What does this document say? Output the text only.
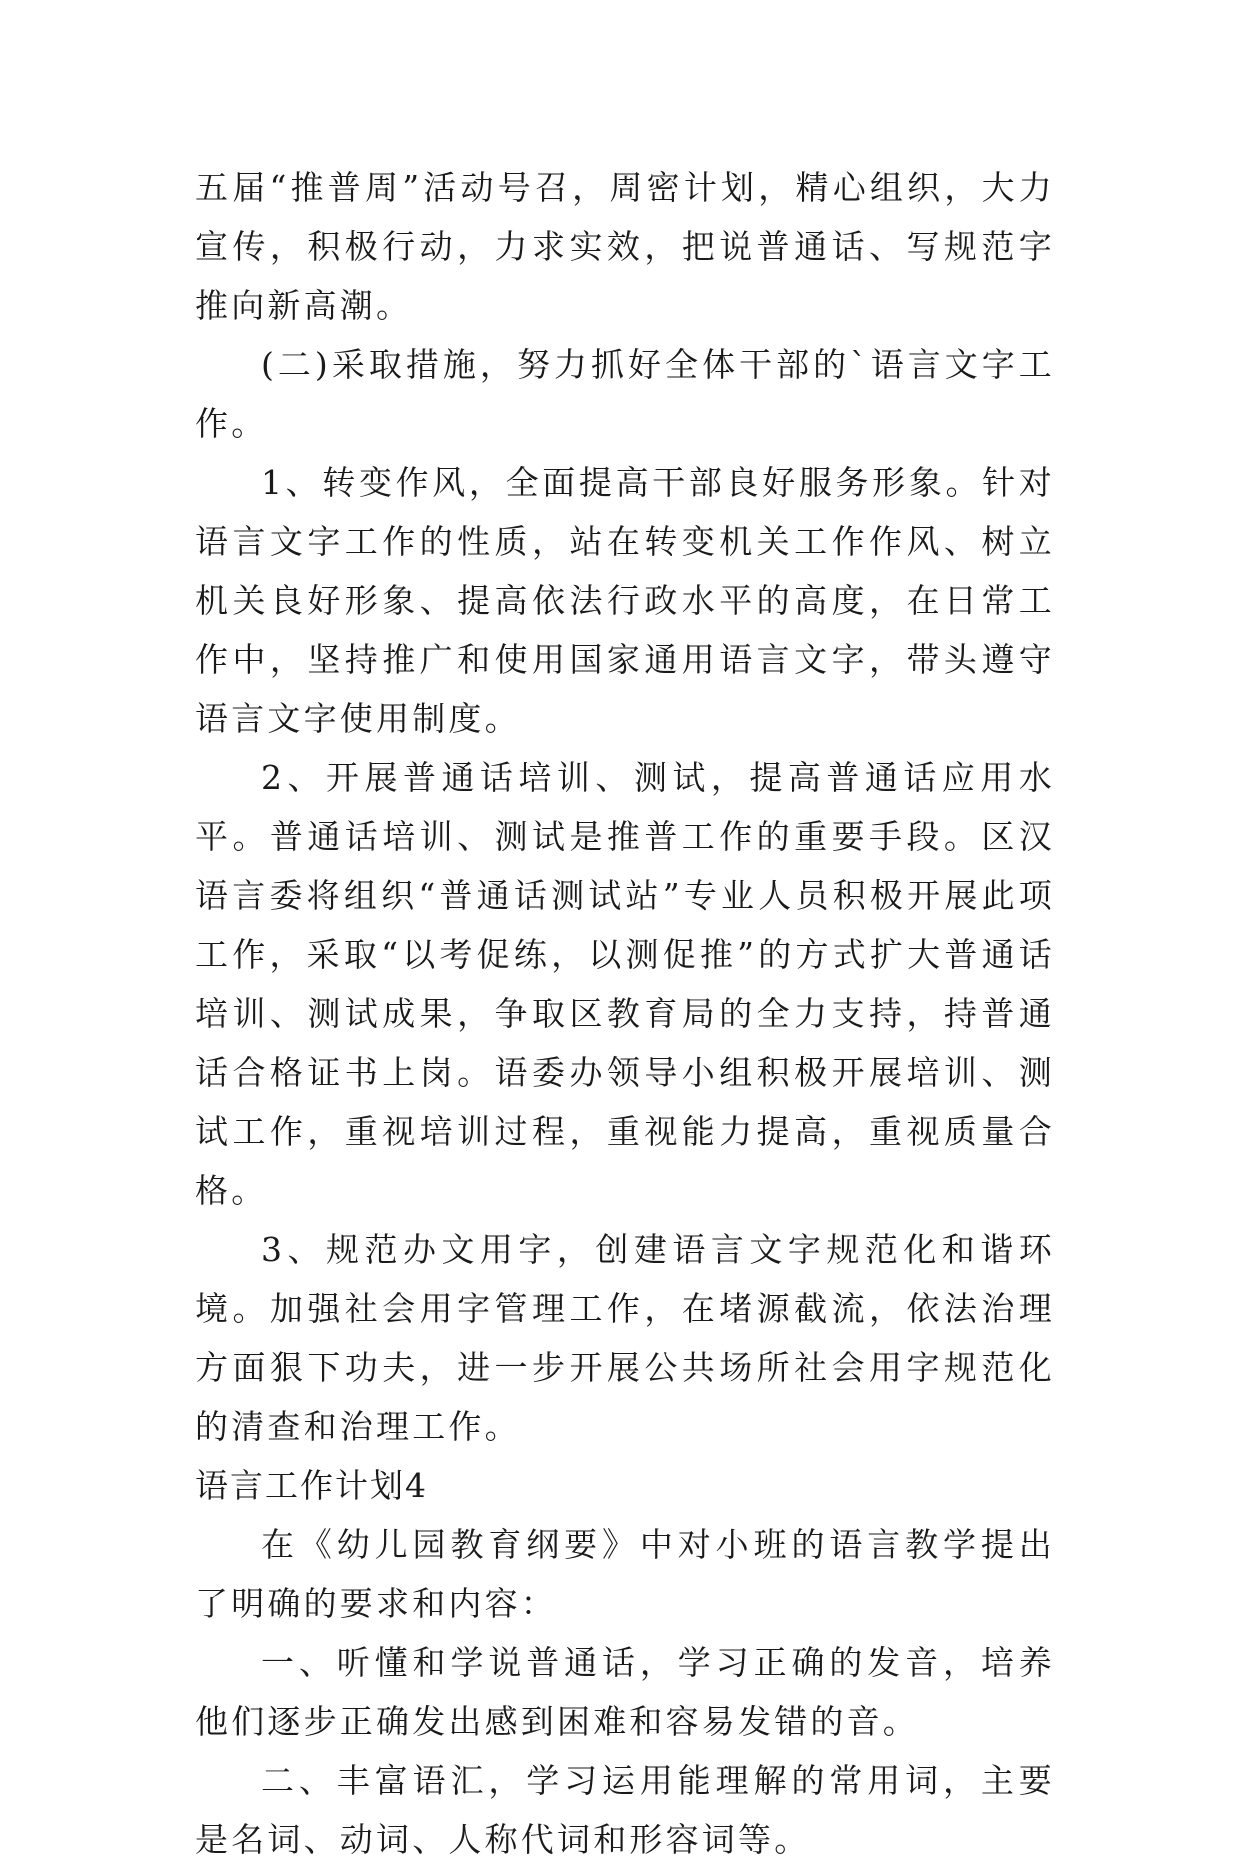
五届“推普周”活动号召，周密计划，精心组织，大力宣传，积极行动，力求实效，把说普通话、写规范字推向新高潮。

(二)采取措施，努力抓好全体干部的`语言文字工作。

1、转变作风，全面提高干部良好服务形象。针对语言文字工作的性质，站在转变机关工作作风、树立机关良好形象、提高依法行政水平的高度，在日常工作中，坚持推广和使用国家通用语言文字，带头遵守语言文字使用制度。

2、开展普通话培训、测试，提高普通话应用水平。普通话培训、测试是推普工作的重要手段。区汉语言委将组织“普通话测试站”专业人员积极开展此项工作，采取“以考促练，以测促推”的方式扩大普通话培训、测试成果，争取区教育局的全力支持，持普通话合格证书上岗。语委办领导小组积极开展培训、测试工作，重视培训过程，重视能力提高，重视质量合格。

3、规范办文用字，创建语言文字规范化和谐环境。加强社会用字管理工作，在堵源截流，依法治理方面狠下功夫，进一步开展公共场所社会用字规范化的清查和治理工作。

语言工作计划4

在《幼儿园教育纲要》中对小班的语言教学提出了明确的要求和内容：

一、听懂和学说普通话，学习正确的发音，培养他们逐步正确发出感到困难和容易发错的音。

二、丰富语汇，学习运用能理解的常用词，主要是名词、动词、人称代词和形容词等。
